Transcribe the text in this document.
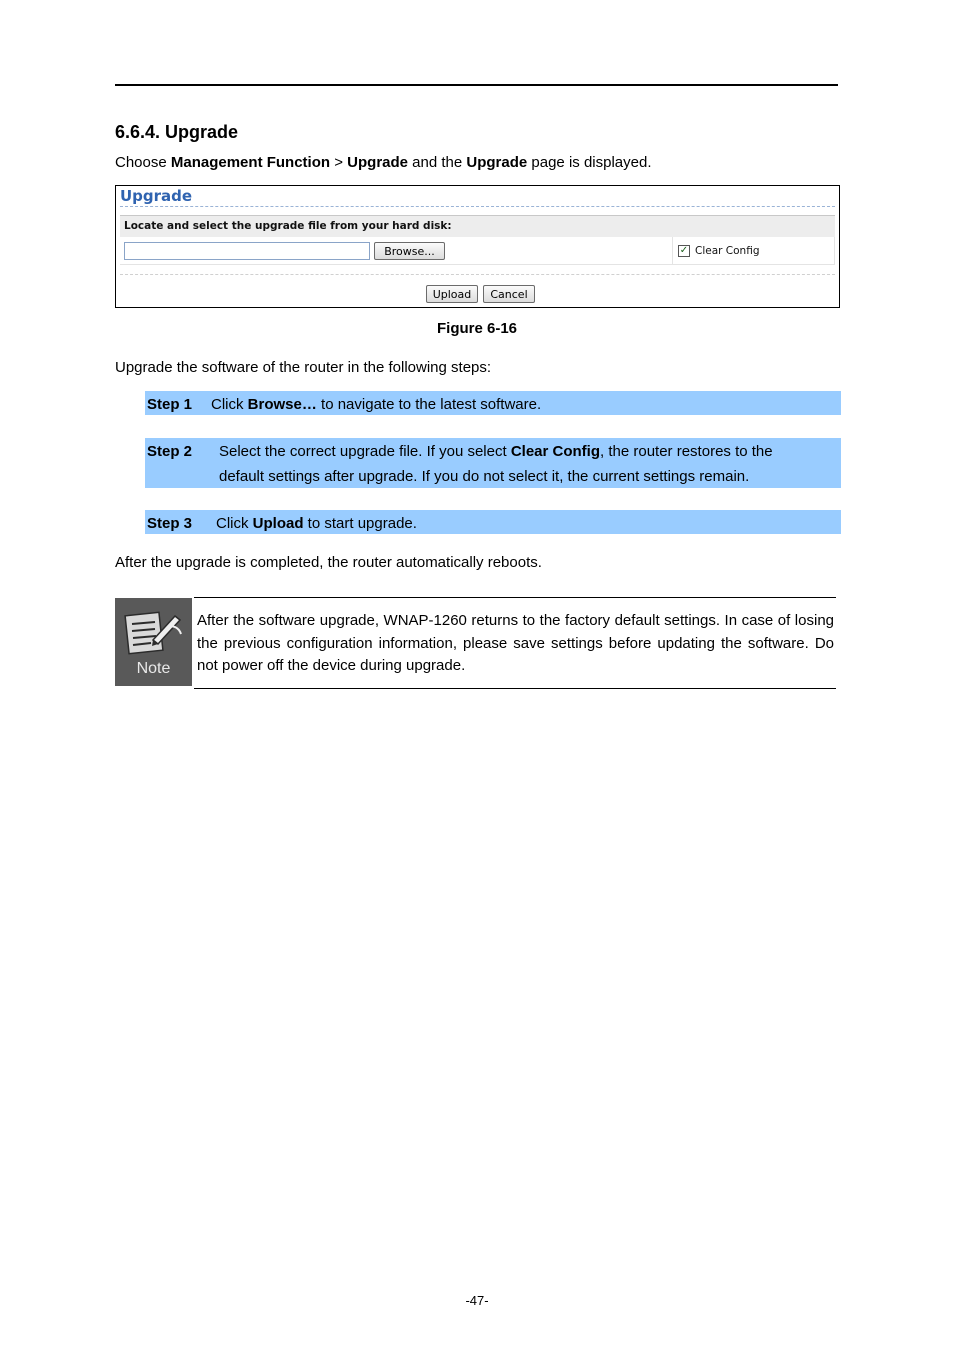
6.6.4. Upgrade
Choose Management Function > Upgrade and the Upgrade page is displayed.
Upgrade
Locate and select the upgrade file from your hard disk:
Browse...	✓ Clear Config
Upload	Cancel
Figure 6-16
Upgrade the software of the router in the following steps:
Step 1 Click Browse… to navigate to the latest software.
Step 2 Select the correct upgrade file. If you select Clear Config, the router restores to the
default settings after upgrade. If you do not select it, the current settings remain.
Step 3 Click Upload to start upgrade.
After the upgrade is completed, the router automatically reboots.
Note
After the software upgrade, WNAP-1260 returns to the factory default settings. In case of losing the previous configuration information, please save settings before updating the software. Do not power off the device during upgrade.
-47-
